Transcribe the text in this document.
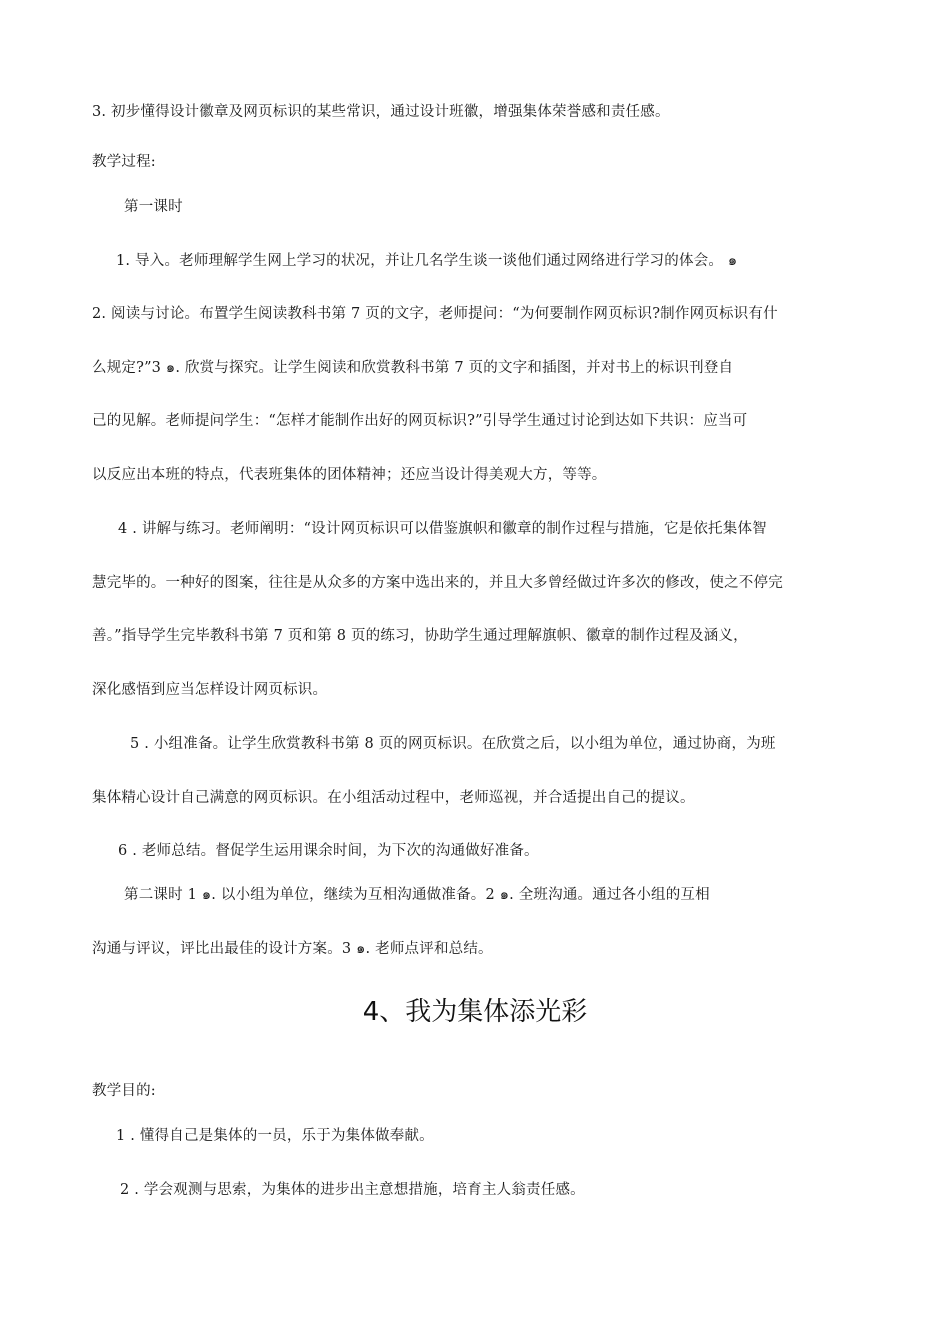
3. 初步懂得设计徽章及网页标识的某些常识，通过设计班徽，增强集体荣誉感和责任感。
教学过程:
第一课时
1. 导入。老师理解学生网上学习的状况，并让几名学生谈一谈他们通过网络进行学习的体会。 ๑
2. 阅读与讨论。布置学生阅读教科书第 7 页的文字，老师提问：“为何要制作网页标识?制作网页标识有什
么规定?”3 ๑. 欣赏与探究。让学生阅读和欣赏教科书第 7 页的文字和插图，并对书上的标识刊登自
己的见解。老师提问学生：“怎样才能制作出好的网页标识?”引导学生通过讨论到达如下共识：应当可
以反应出本班的特点，代表班集体的团体精神；还应当设计得美观大方，等等。
4 . 讲解与练习。老师阐明：“设计网页标识可以借鉴旗帜和徽章的制作过程与措施，它是依托集体智
慧完毕的。一种好的图案，往往是从众多的方案中选出来的，并且大多曾经做过许多次的修改，使之不停完
善。”指导学生完毕教科书第 7 页和第 8 页的练习，协助学生通过理解旗帜、徽章的制作过程及涵义，
深化感悟到应当怎样设计网页标识。
5 . 小组准备。让学生欣赏教科书第 8 页的网页标识。在欣赏之后，以小组为单位，通过协商，为班
集体精心设计自己满意的网页标识。在小组活动过程中，老师巡视，并合适提出自己的提议。
6 . 老师总结。督促学生运用课余时间，为下次的沟通做好准备。
第二课时 1 ๑. 以小组为单位，继续为互相沟通做准备。2 ๑. 全班沟通。通过各小组的互相
沟通与评议，评比出最佳的设计方案。3 ๑. 老师点评和总结。
4、我为集体添光彩
教学目的:
1 . 懂得自己是集体的一员，乐于为集体做奉献。
2 . 学会观测与思索，为集体的进步出主意想措施，培育主人翁责任感。
